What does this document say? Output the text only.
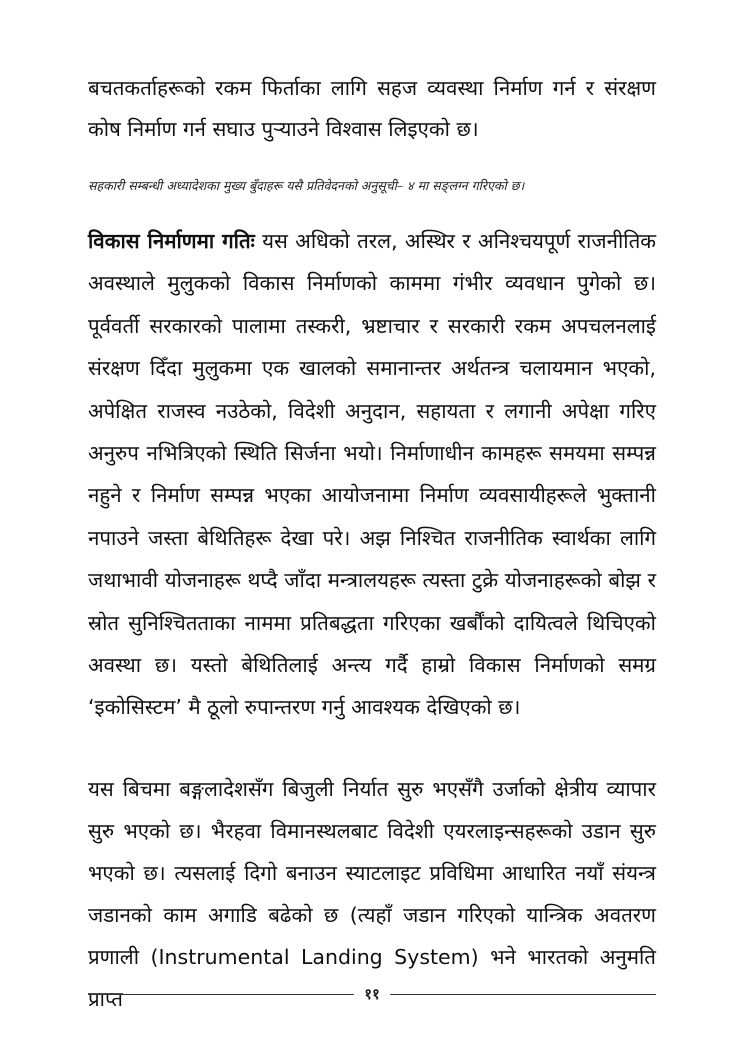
बचतकर्ताहरूको रकम फिर्ताका लागि सहज व्यवस्था निर्माण गर्न र संरक्षण कोष निर्माण गर्न सघाउ पुऱ्याउने विश्वास लिइएको छ।

सहकारी सम्बन्धी अध्यादेशका मुख्य बुँदाहरू यसै प्रतिवेदनको अनुसूची– ४ मा सङ्लग्न गरिएको छ।

विकास निर्माणमा गतिः यस अधिको तरल, अस्थिर र अनिश्चयपूर्ण राजनीतिक अवस्थाले मुलुकको विकास निर्माणको काममा गंभीर व्यवधान पुगेको छ। पूर्ववर्ती सरकारको पालामा तस्करी, भ्रष्टाचार र सरकारी रकम अपचलनलाई संरक्षण दिँदा मुलुकमा एक खालको समानान्तर अर्थतन्त्र चलायमान भएको, अपेक्षित राजस्व नउठेको, विदेशी अनुदान, सहायता र लगानी अपेक्षा गरिए अनुरुप नभित्रिएको स्थिति सिर्जना भयो। निर्माणाधीन कामहरू समयमा सम्पन्न नहुने र निर्माण सम्पन्न भएका आयोजनामा निर्माण व्यवसायीहरूले भुक्तानी नपाउने जस्ता बेथितिहरू देखा परे। अझ निश्चित राजनीतिक स्वार्थका लागि जथाभावी योजनाहरू थप्दै जाँदा मन्त्रालयहरू त्यस्ता टुक्रे योजनाहरूको बोझ र स्रोत सुनिश्चितताका नाममा प्रतिबद्धता गरिएका खर्बौंको दायित्वले थिचिएको अवस्था छ। यस्तो बेथितिलाई अन्त्य गर्दै हाम्रो विकास निर्माणको समग्र ‘इकोसिस्टम’ मै ठूलो रुपान्तरण गर्नु आवश्यक देखिएको छ।

यस बिचमा बङ्गलादेशसँग बिजुली निर्यात सुरु भएसँगै उर्जाको क्षेत्रीय व्यापार सुरु भएको छ। भैरहवा विमानस्थलबाट विदेशी एयरलाइन्सहरूको उडान सुरु भएको छ। त्यसलाई दिगो बनाउन स्याटलाइट प्रविधिमा आधारित नयाँ संयन्त्र जडानको काम अगाडि बढेको छ (त्यहाँ जडान गरिएको यान्त्रिक अवतरण प्रणाली (Instrumental Landing System) भने भारतको अनुमति प्राप्त	११
